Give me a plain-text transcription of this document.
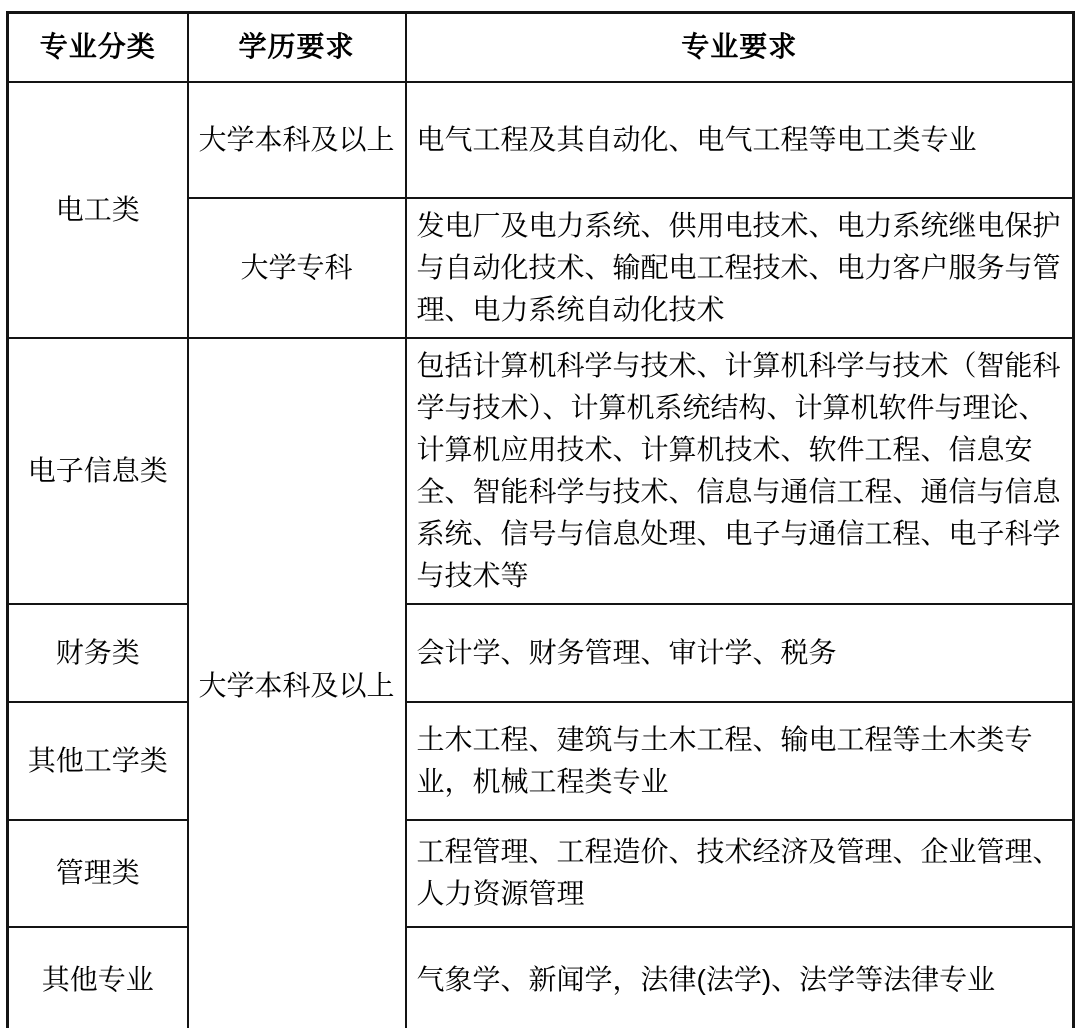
专业分类	学历要求	专业要求
电工类	大学本科及以上	电气工程及其自动化、电气工程等电工类专业
	大学专科	发电厂及电力系统、供用电技术、电力系统继电保护与自动化技术、输配电工程技术、电力客户服务与管理、电力系统自动化技术
电子信息类	大学本科及以上	包括计算机科学与技术、计算机科学与技术（智能科学与技术）、计算机系统结构、计算机软件与理论、计算机应用技术、计算机技术、软件工程、信息安全、智能科学与技术、信息与通信工程、通信与信息系统、信号与信息处理、电子与通信工程、电子科学与技术等
财务类		会计学、财务管理、审计学、税务
其他工学类		土木工程、建筑与土木工程、输电工程等土木类专业，机械工程类专业
管理类		工程管理、工程造价、技术经济及管理、企业管理、人力资源管理
其他专业		气象学、新闻学，法律(法学)、法学等法律专业
